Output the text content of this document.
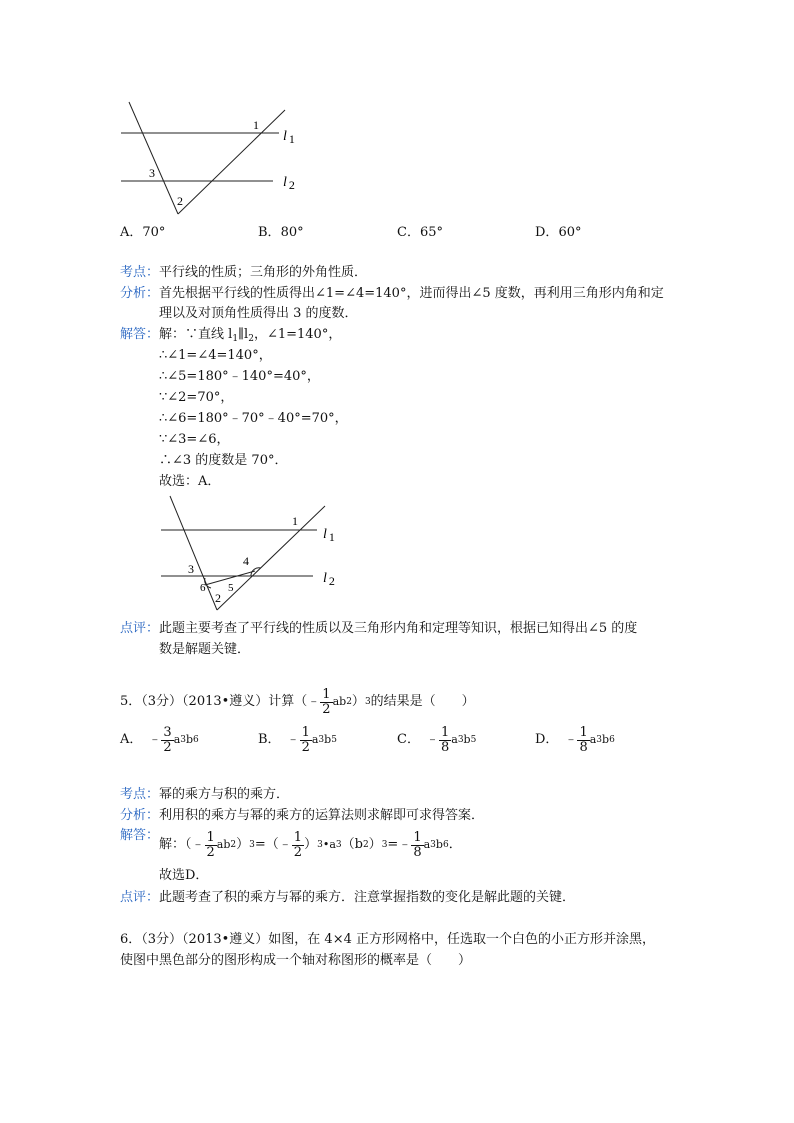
1
3
2
l 1
l 2
A．70°	B．80°	C．65°	D．60°
考点：平行线的性质；三角形的外角性质．
分析：首先根据平行线的性质得出∠1=∠4=140°，进而得出∠5 度数，再利用三角形内角和定
理以及对顶角性质得出 3 的度数．
解答：解：∵直线 $l_1\parallel l_2$，∠1=140°，
∴∠1=∠4=140°，
∴∠5=180°﹣140°=40°，
∵∠2=70°，
∴∠6=180°﹣70°﹣40°=70°，
∵∠3=∠6，
∴∠3 的度数是 70°．
故选：A．
1
3
4
6 5
2
l 1
l 2
点评：此题主要考查了平行线的性质以及三角形内角和定理等知识，根据已知得出∠5 的度
数是解题关键．
5．（3分）（2013•遵义）计算（﹣ $\frac{1}{2}$ ab 2 ） 3 的结果是（　　）
A． ﹣ $\frac{3}{2}$ a 3 b 6	B． ﹣ $\frac{1}{2}$ a 3 b 5	C． ﹣ $\frac{1}{8}$ a 3 b 5	D． ﹣ $\frac{1}{8}$ a 3 b 6
考点：幂的乘方与积的乘方．
分析：利用积的乘方与幂的乘方的运算法则求解即可求得答案．
解答：
解：（﹣ $\frac{1}{2}$ ab 2 ） 3 =（﹣ $\frac{1}{2}$ ） 3 •a 3 （b 2 ） 3 =﹣ $\frac{1}{8}$ a 3 b 6 ．
故选D．
点评：此题考查了积的乘方与幂的乘方．注意掌握指数的变化是解此题的关键．
6．（3分）（2013•遵义）如图，在 4×4 正方形网格中，任选取一个白色的小正方形并涂黑，
使图中黑色部分的图形构成一个轴对称图形的概率是（　　）
